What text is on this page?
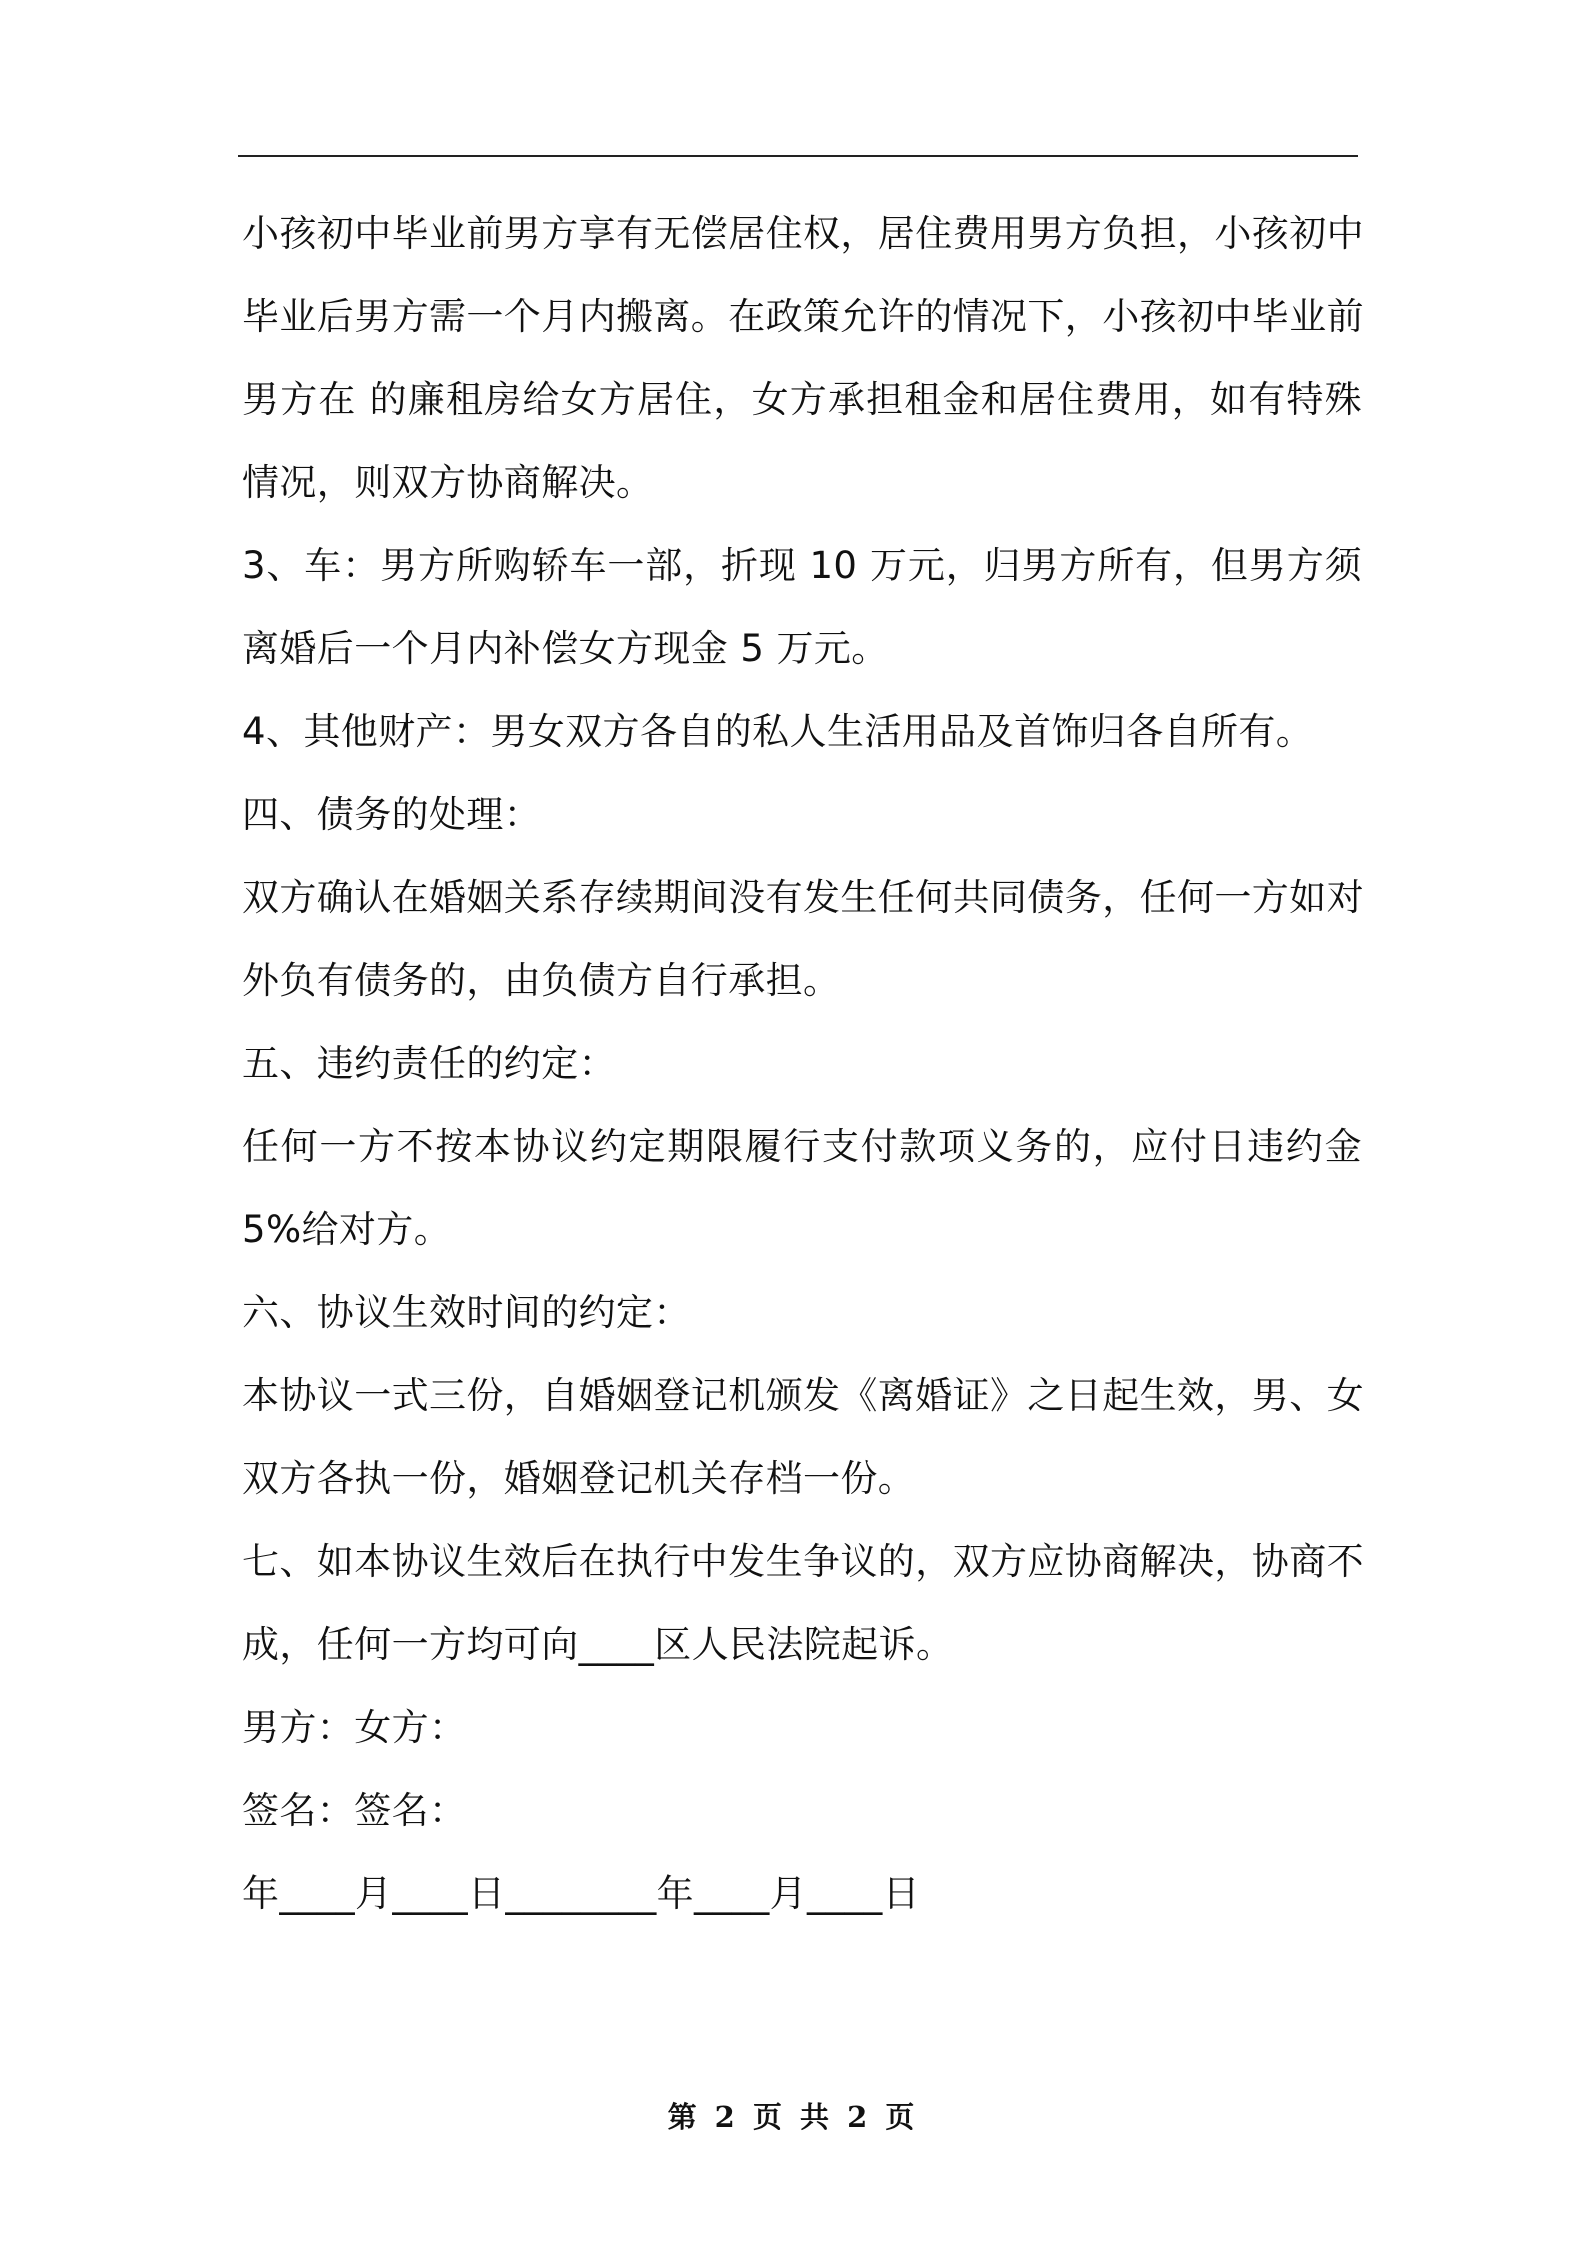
小孩初中毕业前男方享有无偿居住权，居住费用男方负担，小孩初中
毕业后男方需一个月内搬离。在政策允许的情况下，小孩初中毕业前
男方在 的廉租房给女方居住，女方承担租金和居住费用，如有特殊
情况，则双方协商解决。
3、车：男方所购轿车一部，折现 10 万元，归男方所有，但男方须
离婚后一个月内补偿女方现金 5 万元。
4、其他财产：男女双方各自的私人生活用品及首饰归各自所有。
四、债务的处理：
双方确认在婚姻关系存续期间没有发生任何共同债务，任何一方如对
外负有债务的，由负债方自行承担。
五、违约责任的约定：
任何一方不按本协议约定期限履行支付款项义务的，应付日违约金
5%给对方。
六、协议生效时间的约定：
本协议一式三份，自婚姻登记机颁发《离婚证》之日起生效，男、女
双方各执一份，婚姻登记机关存档一份。
七、如本协议生效后在执行中发生争议的，双方应协商解决，协商不
成，任何一方均可向____区人民法院起诉。
男方：女方：
签名：签名：
年____月____日________年____月____日
第 2 页 共 2 页
